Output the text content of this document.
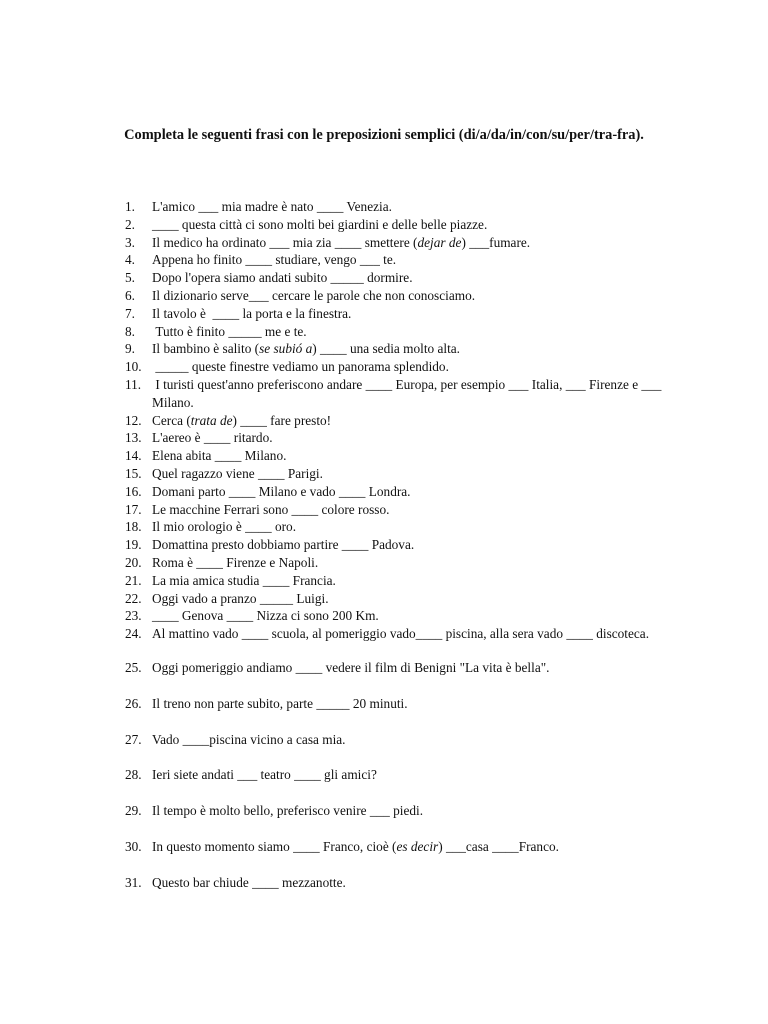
Completa le seguenti frasi con le preposizioni semplici (di/a/da/in/con/su/per/tra-fra).
1.	L'amico ___ mia madre è nato ____ Venezia.
2.	____ questa città ci sono molti bei giardini e delle belle piazze.
3.	Il medico ha ordinato ___ mia zia ____ smettere (dejar de) ___fumare.
4.	Appena ho finito ____ studiare, vengo ___ te.
5.	Dopo l'opera siamo andati subito _____ dormire.
6.	Il dizionario serve___ cercare le parole che non conosciamo.
7.	Il tavolo è  ____ la porta e la finestra.
8.	Tutto è finito _____ me e te.
9.	Il bambino è salito (se subió a) ____ una sedia molto alta.
10. _____ queste finestre vediamo un panorama splendido.
11. I turisti quest'anno preferiscono andare ____ Europa, per esempio ___ Italia, ___ Firenze e ___ Milano.
12. Cerca (trata de) ____ fare presto!
13. L'aereo è ____ ritardo.
14. Elena abita ____ Milano.
15. Quel ragazzo viene ____ Parigi.
16. Domani parto ____ Milano e vado ____ Londra.
17. Le macchine Ferrari sono ____ colore rosso.
18. Il mio orologio è ____ oro.
19. Domattina presto dobbiamo partire ____ Padova.
20. Roma è ____ Firenze e Napoli.
21. La mia amica studia ____ Francia.
22. Oggi vado a pranzo _____ Luigi.
23. ____ Genova ____ Nizza ci sono 200 Km.
24. Al mattino vado ____ scuola, al pomeriggio vado____ piscina, alla sera vado ____ discoteca.
25. Oggi pomeriggio andiamo ____ vedere il film di Benigni "La vita è bella".
26. Il treno non parte subito, parte _____ 20 minuti.
27. Vado ____piscina vicino a casa mia.
28. Ieri siete andati ___ teatro ____ gli amici?
29. Il tempo è molto bello, preferisco venire ___ piedi.
30. In questo momento siamo ____ Franco, cioè (es decir) ___casa ____Franco.
31. Questo bar chiude ____ mezzanotte.
